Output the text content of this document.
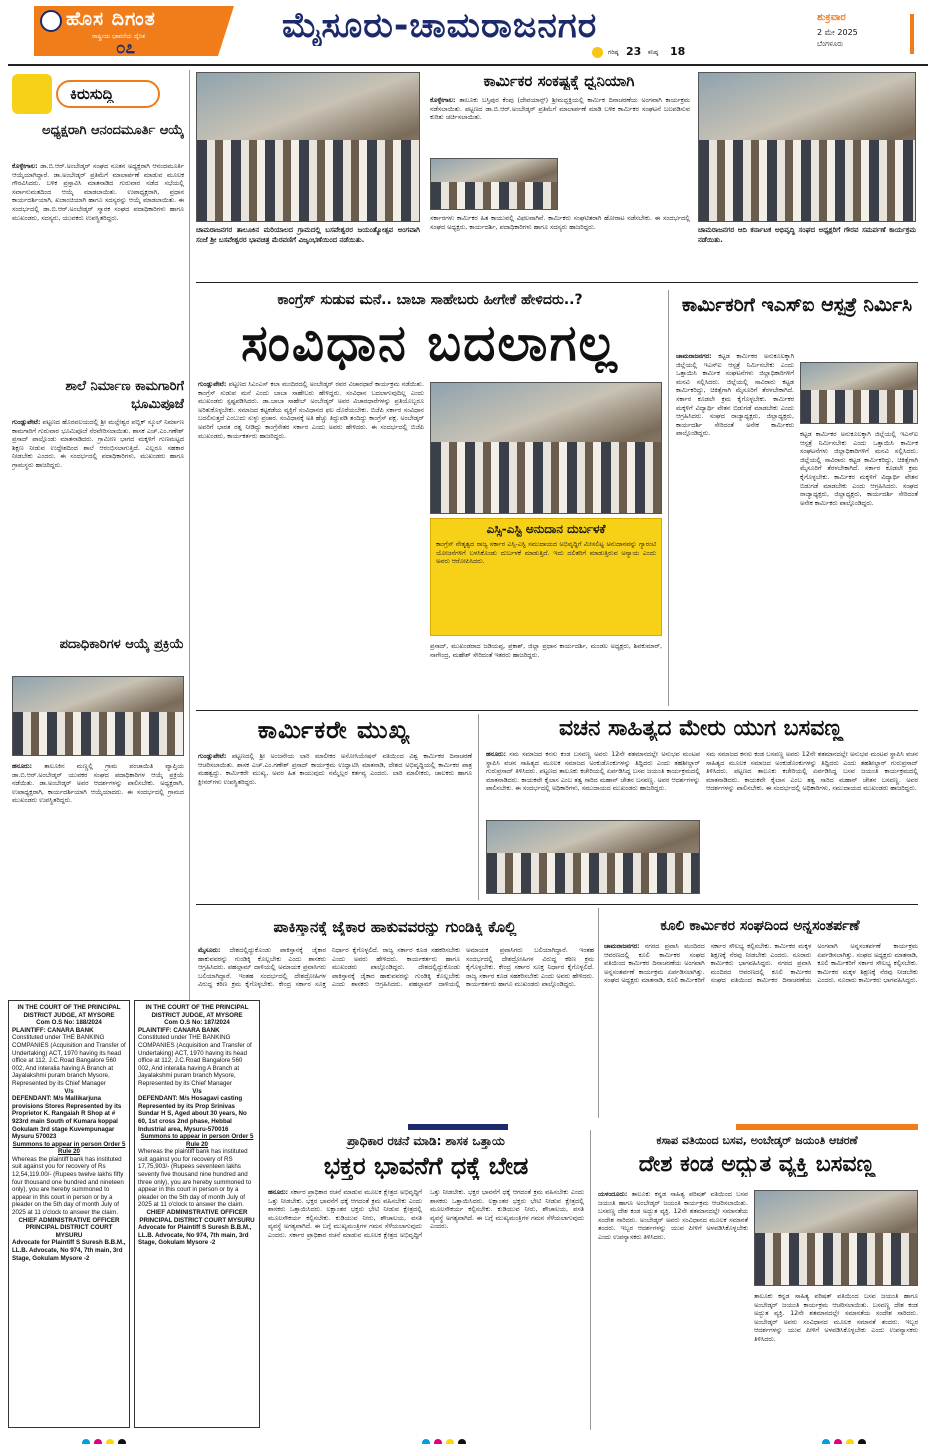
ಹೊಸ ದಿಗಂತ
ರಾಷ್ಟ್ರೀಯ ಭಾವನೆಯ ದೈನಿಕ
೦೭
ಮೈಸೂರು-ಚಾಮರಾಜನಗರ
ಗರಿಷ್ಠ 23 ಕನಿಷ್ಠ 18
ಶುಕ್ರವಾರ
2 ಮೇ 2025
ಬೆಂಗಳೂರು
ಕಿರುಸುದ್ದಿ
ಅಧ್ಯಕ್ಷರಾಗಿ ಆನಂದಮೂರ್ತಿ ಆಯ್ಕೆ
ಕೊಳ್ಳೇಗಾಲ: ಡಾ.ಬಿ.ಆರ್.ಅಂಬೇಡ್ಕರ್ ಸಂಘದ ನೂತನ ಅಧ್ಯಕ್ಷರಾಗಿ ಆನಂದಮೂರ್ತಿ ಆಯ್ಕೆಯಾಗಿದ್ದಾರೆ. ಡಾ.ಅಂಬೇಡ್ಕರ್ ಪ್ರತಿಮೆಗೆ ಮಾಲಾರ್ಪಣೆ ಮಾಡುವ ಮೂಲಕ ಗೌರವಿಸಿದರು. ಬಳಿಕ ಪ್ರಸ್ತಾವಿಸಿ ಮಾತನಾಡಿದ ಗುರುವಾರ ನಡೆದ ಸಭೆಯಲ್ಲಿ ಸರ್ವಾನುಮತದಿಂದ ಆಯ್ಕೆ ಮಾಡಲಾಯಿತು. ಉಪಾಧ್ಯಕ್ಷರಾಗಿ, ಪ್ರಧಾನ ಕಾರ್ಯದರ್ಶಿಯಾಗಿ, ಖಜಾಂಚಿಯಾಗಿ ಹಾಗೂ ಸದಸ್ಯರನ್ನು ಆಯ್ಕೆ ಮಾಡಲಾಯಿತು. ಈ ಸಂದರ್ಭದಲ್ಲಿ ಡಾ.ಬಿ.ಆರ್.ಅಂಬೇಡ್ಕರ್ ಸ್ಮಾರಕ ಸಂಘದ ಪದಾಧಿಕಾರಿಗಳು ಹಾಗೂ ಮುಖಂಡರು, ಸದಸ್ಯರು, ಯುವಕರು ಉಪಸ್ಥಿತರಿದ್ದರು.
ಶಾಲೆ ನಿರ್ಮಾಣ ಕಾಮಗಾರಿಗೆ ಭೂಮಿಪೂಜೆ
ಗುಂಡ್ಲುಪೇಟೆ: ಪಟ್ಟಣದ ಹೊರವಲಯದಲ್ಲಿ ಶ್ರೀ ಮಲ್ಲೇಶ್ವರ ಪಬ್ಲಿಕ್ ಸ್ಕೂಲ್ ನಿರ್ಮಾಣ ಕಾಮಗಾರಿಗೆ ಗುರುವಾರ ಭೂಮಿಪೂಜೆ ನೆರವೇರಿಸಲಾಯಿತು. ಶಾಸಕ ಎಚ್.ಎಂ.ಗಣೇಶ್ ಪ್ರಸಾದ್ ಪಾಲ್ಗೊಂಡು ಮಾತನಾಡಿದರು. ಗ್ರಾಮೀಣ ಭಾಗದ ಮಕ್ಕಳಿಗೆ ಗುಣಮಟ್ಟದ ಶಿಕ್ಷಣ ನೀಡುವ ಉದ್ದೇಶದಿಂದ ಶಾಲೆ ಆರಂಭಿಸಲಾಗುತ್ತಿದೆ. ಎಲ್ಲರೂ ಸಹಕಾರ ನೀಡಬೇಕು ಎಂದರು. ಈ ಸಂದರ್ಭದಲ್ಲಿ ಪದಾಧಿಕಾರಿಗಳು, ಮುಖಂಡರು ಹಾಗೂ ಗ್ರಾಮಸ್ಥರು ಹಾಜರಿದ್ದರು.
ಪದಾಧಿಕಾರಿಗಳ ಆಯ್ಕೆ ಪ್ರಕ್ರಿಯೆ
ಹನೂರು: ತಾಲೂಕಿನ ಮಣ್ಣಲ್ಲಿ ಗ್ರಾಮ ಪಂಚಾಯಿತಿ ವ್ಯಾಪ್ತಿಯ ಡಾ.ಬಿ.ಆರ್.ಅಂಬೇಡ್ಕರ್ ಯುವಕರ ಸಂಘದ ಪದಾಧಿಕಾರಿಗಳ ಆಯ್ಕೆ ಪ್ರಕ್ರಿಯೆ ನಡೆಯಿತು. ಡಾ.ಅಂಬೇಡ್ಕರ್ ಅವರ ಆದರ್ಶಗಳನ್ನು ಪಾಲಿಸಬೇಕು. ಅಧ್ಯಕ್ಷರಾಗಿ, ಉಪಾಧ್ಯಕ್ಷರಾಗಿ, ಕಾರ್ಯದರ್ಶಿಯಾಗಿ ಆಯ್ಕೆಯಾದರು. ಈ ಸಂದರ್ಭದಲ್ಲಿ ಗ್ರಾಮದ ಮುಖಂಡರು ಉಪಸ್ಥಿತರಿದ್ದರು.
ಚಾಮರಾಜನಗರ ತಾಲೂಕಿನ ಮರಿಯಾಲದ ಗ್ರಾಮದಲ್ಲಿ ಬಸವೇಶ್ವರರ ಜಯಂತ್ಯೋತ್ಸವ ಅಂಗವಾಗಿ ಸಂಜೆ ಶ್ರೀ ಬಸವೇಶ್ವರರ ಭಾವಚಿತ್ರ ಮೆರವಣಿಗೆ ವಿಜೃಂಭಣೆಯಿಂದ ನಡೆಯಿತು.
ಕಾರ್ಮಿಕರ ಸಂಕಷ್ಟಕ್ಕೆ ಧ್ವನಿಯಾಗಿ
ಕೊಳ್ಳೇಗಾಲ: ತಾಲೂಕು ಬಸ್ತಿಪುರ ಕೆಂಪು (ದೇವಯಾನ್ಸ್) ಶ್ರೀಮದ್ಭಕ್ತಿಯಲ್ಲಿ ಕಾರ್ಮಿಕ ದಿನಾಚರಣೆಯ ಅಂಗವಾಗಿ ಕಾರ್ಯಕ್ರಮ ನಡೆಸಲಾಯಿತು. ಪಟ್ಟಣದ ಡಾ.ಬಿ.ಆರ್.ಅಂಬೇಡ್ಕರ್ ಪ್ರತಿಮೆಗೆ ಮಾಲಾರ್ಪಣೆ ಮಾಡಿ ಬಳಿಕ ಕಾರ್ಮಿಕರ ಸಂಘಟನೆ ಬಲಪಡಿಸುವ ಕುರಿತು ಚರ್ಚಿಸಲಾಯಿತು.
ಸರ್ಕಾರಗಳು ಕಾರ್ಮಿಕರ ಹಿತ ಕಾಯುವಲ್ಲಿ ವಿಫಲವಾಗಿವೆ. ಕಾರ್ಮಿಕರು ಸಂಘಟಿತರಾಗಿ ಹೋರಾಟ ನಡೆಸಬೇಕು. ಈ ಸಂದರ್ಭದಲ್ಲಿ ಸಂಘದ ಅಧ್ಯಕ್ಷರು, ಕಾರ್ಯದರ್ಶಿ, ಪದಾಧಿಕಾರಿಗಳು ಹಾಗೂ ಸದಸ್ಯರು ಹಾಜರಿದ್ದರು.	ಚಾಮರಾಜನಗರ ಆದಿ ಕರ್ನಾಟಕ ಅಭಿವೃದ್ಧಿ ಸಂಘದ ಅಧ್ಯಕ್ಷರಿಗೆ ಗೌರವ ಸಮರ್ಪಣೆ ಕಾರ್ಯಕ್ರಮ ನಡೆಯಿತು.
ಕಾಂಗ್ರೆಸ್ ಸುಡುವ ಮನೆ.. ಬಾಬಾ ಸಾಹೇಬರು ಹೀಗೇಕೆ ಹೇಳಿದರು..?
ಸಂವಿಧಾನ ಬದಲಾಗಲ್ಲ
ಗುಂಡ್ಲುಪೇಟೆ: ಪಟ್ಟಣದ ಸಿಎಂಎಸ್ ಕಲಾ ಮಂದಿರದಲ್ಲಿ ಅಂಬೇಡ್ಕರ್ ರವರ ವಿಚಾರಧಾರೆ ಕಾರ್ಯಕ್ರಮ ನಡೆಯಿತು. ಕಾಂಗ್ರೆಸ್ ಸುಡುವ ಮನೆ ಎಂದು ಬಾಬಾ ಸಾಹೇಬರು ಹೇಳಿದ್ದರು. ಸಂವಿಧಾನ ಬದಲಾಗುವುದಿಲ್ಲ ಎಂದು ಮುಖಂಡರು ಸ್ಪಷ್ಟಪಡಿಸಿದರು. ಡಾ.ಬಾಬಾ ಸಾಹೇಬ್ ಅಂಬೇಡ್ಕರ್ ಅವರ ವಿಚಾರಧಾರೆಗಳನ್ನು ಪ್ರತಿಯೊಬ್ಬರೂ ಅರಿತುಕೊಳ್ಳಬೇಕು. ಸಮಾಜದ ಕಟ್ಟಕಡೆಯ ವ್ಯಕ್ತಿಗೆ ಸಂವಿಧಾನದ ಫಲ ದೊರೆಯಬೇಕು. ಬಿಜೆಪಿ ಸರ್ಕಾರ ಸಂವಿಧಾನ ಬದಲಿಸುತ್ತದೆ ಎಂಬುದು ಸುಳ್ಳು ಪ್ರಚಾರ. ಸಂವಿಧಾನಕ್ಕೆ ಅತಿ ಹೆಚ್ಚು ತಿದ್ದುಪಡಿ ತಂದಿದ್ದು ಕಾಂಗ್ರೆಸ್ ಪಕ್ಷ. ಅಂಬೇಡ್ಕರ್ ಅವರಿಗೆ ಭಾರತ ರತ್ನ ನೀಡಿದ್ದು ಕಾಂಗ್ರೆಸೇತರ ಸರ್ಕಾರ ಎಂದು ಅವರು ಹೇಳಿದರು. ಈ ಸಂದರ್ಭದಲ್ಲಿ ಬಿಜೆಪಿ ಮುಖಂಡರು, ಕಾರ್ಯಕರ್ತರು ಹಾಜರಿದ್ದರು.
ಎಸ್ಸಿ-ಎಸ್ಟಿ ಅನುದಾನ ದುರ್ಬಳಕೆ
ಕಾಂಗ್ರೆಸ್ ನೇತೃತ್ವದ ರಾಜ್ಯ ಸರ್ಕಾರ ಎಸ್ಸಿ-ಎಸ್ಟಿ ಸಮುದಾಯದ ಅಭಿವೃದ್ಧಿಗೆ ಮೀಸಲಿಟ್ಟ ಅನುದಾನವನ್ನು ಗ್ಯಾರಂಟಿ ಯೋಜನೆಗಳಿಗೆ ಬಳಸಿಕೊಂಡು ದುರ್ಬಳಕೆ ಮಾಡುತ್ತಿದೆ. ಇದು ದಲಿತರಿಗೆ ಮಾಡುತ್ತಿರುವ ಅನ್ಯಾಯ ಎಂದು ಅವರು ಆರೋಪಿಸಿದರು.
ಪ್ರಸಾದ್, ಮುಖಂಡರಾದ ಜಡಿಯಪ್ಪ, ಪ್ರಕಾಶ್, ಜಿಲ್ಲಾ ಪ್ರಧಾನ ಕಾರ್ಯದರ್ಶಿ, ಮಂಡಲ ಅಧ್ಯಕ್ಷರು, ಶಿವಕುಮಾರ್, ನಾಗೇಂದ್ರ, ಮಹೇಶ್ ಸೇರಿದಂತೆ ಇತರರು ಹಾಜರಿದ್ದರು.
ಕಾರ್ಮಿಕರಿಗೆ ಇಎಸ್ಐ ಆಸ್ಪತ್ರೆ ನಿರ್ಮಿಸಿ
ಚಾಮರಾಜನಗರ: ಕಟ್ಟಡ ಕಾರ್ಮಿಕರ ಅನುಕೂಲಕ್ಕಾಗಿ ಜಿಲ್ಲೆಯಲ್ಲಿ ಇಎಸ್ಐ ಆಸ್ಪತ್ರೆ ನಿರ್ಮಿಸಬೇಕು ಎಂದು ಒತ್ತಾಯಿಸಿ ಕಾರ್ಮಿಕ ಸಂಘಟನೆಗಳು ಜಿಲ್ಲಾಧಿಕಾರಿಗಳಿಗೆ ಮನವಿ ಸಲ್ಲಿಸಿದರು. ಜಿಲ್ಲೆಯಲ್ಲಿ ಸಾವಿರಾರು ಕಟ್ಟಡ ಕಾರ್ಮಿಕರಿದ್ದು, ಚಿಕಿತ್ಸೆಗಾಗಿ ಮೈಸೂರಿಗೆ ತೆರಳಬೇಕಾಗಿದೆ. ಸರ್ಕಾರ ಕೂಡಲೇ ಕ್ರಮ ಕೈಗೊಳ್ಳಬೇಕು. ಕಾರ್ಮಿಕರ ಮಕ್ಕಳಿಗೆ ವಿದ್ಯಾರ್ಥಿ ವೇತನ ಬಿಡುಗಡೆ ಮಾಡಬೇಕು ಎಂದು ಆಗ್ರಹಿಸಿದರು. ಸಂಘದ ರಾಜ್ಯಾಧ್ಯಕ್ಷರು, ಜಿಲ್ಲಾಧ್ಯಕ್ಷರು, ಕಾರ್ಯದರ್ಶಿ ಸೇರಿದಂತೆ ಅನೇಕ ಕಾರ್ಮಿಕರು ಪಾಲ್ಗೊಂಡಿದ್ದರು.	ಕಟ್ಟಡ ಕಾರ್ಮಿಕರ ಅನುಕೂಲಕ್ಕಾಗಿ ಜಿಲ್ಲೆಯಲ್ಲಿ ಇಎಸ್ಐ ಆಸ್ಪತ್ರೆ ನಿರ್ಮಿಸಬೇಕು ಎಂದು ಒತ್ತಾಯಿಸಿ ಕಾರ್ಮಿಕ ಸಂಘಟನೆಗಳು ಜಿಲ್ಲಾಧಿಕಾರಿಗಳಿಗೆ ಮನವಿ ಸಲ್ಲಿಸಿದರು. ಜಿಲ್ಲೆಯಲ್ಲಿ ಸಾವಿರಾರು ಕಟ್ಟಡ ಕಾರ್ಮಿಕರಿದ್ದು, ಚಿಕಿತ್ಸೆಗಾಗಿ ಮೈಸೂರಿಗೆ ತೆರಳಬೇಕಾಗಿದೆ. ಸರ್ಕಾರ ಕೂಡಲೇ ಕ್ರಮ ಕೈಗೊಳ್ಳಬೇಕು. ಕಾರ್ಮಿಕರ ಮಕ್ಕಳಿಗೆ ವಿದ್ಯಾರ್ಥಿ ವೇತನ ಬಿಡುಗಡೆ ಮಾಡಬೇಕು ಎಂದು ಆಗ್ರಹಿಸಿದರು. ಸಂಘದ ರಾಜ್ಯಾಧ್ಯಕ್ಷರು, ಜಿಲ್ಲಾಧ್ಯಕ್ಷರು, ಕಾರ್ಯದರ್ಶಿ ಸೇರಿದಂತೆ ಅನೇಕ ಕಾರ್ಮಿಕರು ಪಾಲ್ಗೊಂಡಿದ್ದರು.
ಕಾರ್ಮಿಕರೇ ಮುಖ್ಯ
ಗುಂಡ್ಲುಪೇಟೆ: ಪಟ್ಟಣದಲ್ಲಿ ಶ್ರೀ ಅಂಜನೇಯ ಲಾರಿ ಮಾಲೀಕರ ಅಸೋಸಿಯೇಷನ್ ವತಿಯಿಂದ ವಿಶ್ವ ಕಾರ್ಮಿಕರ ದಿನಾಚರಣೆ ಆಚರಿಸಲಾಯಿತು. ಶಾಸಕ ಎಚ್.ಎಂ.ಗಣೇಶ್ ಪ್ರಸಾದ್ ಕಾರ್ಯಕ್ರಮ ಉದ್ಘಾಟಿಸಿ ಮಾತನಾಡಿ, ದೇಶದ ಅಭಿವೃದ್ಧಿಯಲ್ಲಿ ಕಾರ್ಮಿಕರ ಪಾತ್ರ ಮಹತ್ವದ್ದು. ಕಾರ್ಮಿಕರೇ ಮುಖ್ಯ, ಅವರ ಹಿತ ಕಾಯುವುದು ನಮ್ಮೆಲ್ಲರ ಕರ್ತವ್ಯ ಎಂದರು. ಲಾರಿ ಮಾಲೀಕರು, ಚಾಲಕರು ಹಾಗೂ ಕ್ಲೀನರ್‌ಗಳು ಉಪಸ್ಥಿತರಿದ್ದರು.
ವಚನ ಸಾಹಿತ್ಯದ ಮೇರು ಯುಗ ಬಸವಣ್ಣ
ಹನೂರು: ಸಮ ಸಮಾಜದ ಕನಸು ಕಂಡ ಬಸವಣ್ಣ ಅವರು 12ನೇ ಶತಮಾನದಲ್ಲೇ ಅನುಭವ ಮಂಟಪ ಸ್ಥಾಪಿಸಿ ವಚನ ಸಾಹಿತ್ಯದ ಮೂಲಕ ಸಮಾಜದ ಅಂಕುಡೊಂಕುಗಳನ್ನು ತಿದ್ದಿದರು ಎಂದು ತಹಶೀಲ್ದಾರ್ ಗುರುಪ್ರಸಾದ್ ತಿಳಿಸಿದರು. ಪಟ್ಟಣದ ತಾಲೂಕು ಕಚೇರಿಯಲ್ಲಿ ಏರ್ಪಡಿಸಿದ್ದ ಬಸವ ಜಯಂತಿ ಕಾರ್ಯಕ್ರಮದಲ್ಲಿ ಮಾತನಾಡಿದರು. ಕಾಯಕವೇ ಕೈಲಾಸ ಎಂಬ ತತ್ವ ಸಾರಿದ ಮಹಾನ್ ಚೇತನ ಬಸವಣ್ಣ. ಅವರ ಆದರ್ಶಗಳನ್ನು ಪಾಲಿಸಬೇಕು. ಈ ಸಂದರ್ಭದಲ್ಲಿ ಅಧಿಕಾರಿಗಳು, ಸಮುದಾಯದ ಮುಖಂಡರು ಹಾಜರಿದ್ದರು.
ಸಮ ಸಮಾಜದ ಕನಸು ಕಂಡ ಬಸವಣ್ಣ ಅವರು 12ನೇ ಶತಮಾನದಲ್ಲೇ ಅನುಭವ ಮಂಟಪ ಸ್ಥಾಪಿಸಿ ವಚನ ಸಾಹಿತ್ಯದ ಮೂಲಕ ಸಮಾಜದ ಅಂಕುಡೊಂಕುಗಳನ್ನು ತಿದ್ದಿದರು ಎಂದು ತಹಶೀಲ್ದಾರ್ ಗುರುಪ್ರಸಾದ್ ತಿಳಿಸಿದರು. ಪಟ್ಟಣದ ತಾಲೂಕು ಕಚೇರಿಯಲ್ಲಿ ಏರ್ಪಡಿಸಿದ್ದ ಬಸವ ಜಯಂತಿ ಕಾರ್ಯಕ್ರಮದಲ್ಲಿ ಮಾತನಾಡಿದರು. ಕಾಯಕವೇ ಕೈಲಾಸ ಎಂಬ ತತ್ವ ಸಾರಿದ ಮಹಾನ್ ಚೇತನ ಬಸವಣ್ಣ. ಅವರ ಆದರ್ಶಗಳನ್ನು ಪಾಲಿಸಬೇಕು. ಈ ಸಂದರ್ಭದಲ್ಲಿ ಅಧಿಕಾರಿಗಳು, ಸಮುದಾಯದ ಮುಖಂಡರು ಹಾಜರಿದ್ದರು.
ಪಾಕಿಸ್ತಾನಕ್ಕೆ ಜೈಕಾರ ಹಾಕುವವರನ್ನು ಗುಂಡಿಕ್ಕಿ ಕೊಲ್ಲಿ
ಮೈಸೂರು: ದೇಶದಲ್ಲಿದ್ದುಕೊಂಡು ಪಾಕಿಸ್ತಾನಕ್ಕೆ ಜೈಕಾರ ಹಾಕುವವರನ್ನು ಗುಂಡಿಕ್ಕಿ ಕೊಲ್ಲಬೇಕು ಎಂದು ಶಾಸಕರು ಆಗ್ರಹಿಸಿದರು. ಪಹಲ್ಗಾಮ್ ದಾಳಿಯಲ್ಲಿ ಅಮಾಯಕ ಪ್ರವಾಸಿಗರು ಬಲಿಯಾಗಿದ್ದಾರೆ. ಇಂತಹ ಸಂದರ್ಭದಲ್ಲಿ ದೇಶದ್ರೋಹಿಗಳ ವಿರುದ್ಧ ಕಠಿಣ ಕ್ರಮ ಕೈಗೊಳ್ಳಬೇಕು. ಕೇಂದ್ರ ಸರ್ಕಾರ ಸೂಕ್ತ ನಿರ್ಧಾರ ಕೈಗೊಳ್ಳಲಿದೆ. ರಾಜ್ಯ ಸರ್ಕಾರ ಕೂಡ ಸಹಕರಿಸಬೇಕು ಎಂದು ಅವರು ಹೇಳಿದರು. ಕಾರ್ಯಕರ್ತರು ಹಾಗೂ ಮುಖಂಡರು ಪಾಲ್ಗೊಂಡಿದ್ದರು. ದೇಶದಲ್ಲಿದ್ದುಕೊಂಡು ಪಾಕಿಸ್ತಾನಕ್ಕೆ ಜೈಕಾರ ಹಾಕುವವರನ್ನು ಗುಂಡಿಕ್ಕಿ ಕೊಲ್ಲಬೇಕು ಎಂದು ಶಾಸಕರು ಆಗ್ರಹಿಸಿದರು. ಪಹಲ್ಗಾಮ್ ದಾಳಿಯಲ್ಲಿ ಅಮಾಯಕ ಪ್ರವಾಸಿಗರು ಬಲಿಯಾಗಿದ್ದಾರೆ. ಇಂತಹ ಸಂದರ್ಭದಲ್ಲಿ ದೇಶದ್ರೋಹಿಗಳ ವಿರುದ್ಧ ಕಠಿಣ ಕ್ರಮ ಕೈಗೊಳ್ಳಬೇಕು. ಕೇಂದ್ರ ಸರ್ಕಾರ ಸೂಕ್ತ ನಿರ್ಧಾರ ಕೈಗೊಳ್ಳಲಿದೆ. ರಾಜ್ಯ ಸರ್ಕಾರ ಕೂಡ ಸಹಕರಿಸಬೇಕು ಎಂದು ಅವರು ಹೇಳಿದರು. ಕಾರ್ಯಕರ್ತರು ಹಾಗೂ ಮುಖಂಡರು ಪಾಲ್ಗೊಂಡಿದ್ದರು.
ಕೂಲಿ ಕಾರ್ಮಿಕರ ಸಂಘದಿಂದ ಅನ್ನಸಂತರ್ಪಣೆ
ಚಾಮರಾಜನಗರ: ನಗರದ ಪ್ರವಾಸಿ ಮಂದಿರದ ಆವರಣದಲ್ಲಿ ಕೂಲಿ ಕಾರ್ಮಿಕರ ಸಂಘದ ವತಿಯಿಂದ ಕಾರ್ಮಿಕರ ದಿನಾಚರಣೆಯ ಅಂಗವಾಗಿ ಅನ್ನಸಂತರ್ಪಣೆ ಕಾರ್ಯಕ್ರಮ ಏರ್ಪಡಿಸಲಾಗಿತ್ತು. ಸಂಘದ ಅಧ್ಯಕ್ಷರು ಮಾತನಾಡಿ, ಕೂಲಿ ಕಾರ್ಮಿಕರಿಗೆ ಸರ್ಕಾರ ಸೌಲಭ್ಯ ಕಲ್ಪಿಸಬೇಕು. ಕಾರ್ಮಿಕರ ಮಕ್ಕಳ ಶಿಕ್ಷಣಕ್ಕೆ ನೆರವು ನೀಡಬೇಕು ಎಂದರು. ನೂರಾರು ಕಾರ್ಮಿಕರು ಭಾಗವಹಿಸಿದ್ದರು. ನಗರದ ಪ್ರವಾಸಿ ಮಂದಿರದ ಆವರಣದಲ್ಲಿ ಕೂಲಿ ಕಾರ್ಮಿಕರ ಸಂಘದ ವತಿಯಿಂದ ಕಾರ್ಮಿಕರ ದಿನಾಚರಣೆಯ ಅಂಗವಾಗಿ ಅನ್ನಸಂತರ್ಪಣೆ ಕಾರ್ಯಕ್ರಮ ಏರ್ಪಡಿಸಲಾಗಿತ್ತು. ಸಂಘದ ಅಧ್ಯಕ್ಷರು ಮಾತನಾಡಿ, ಕೂಲಿ ಕಾರ್ಮಿಕರಿಗೆ ಸರ್ಕಾರ ಸೌಲಭ್ಯ ಕಲ್ಪಿಸಬೇಕು. ಕಾರ್ಮಿಕರ ಮಕ್ಕಳ ಶಿಕ್ಷಣಕ್ಕೆ ನೆರವು ನೀಡಬೇಕು ಎಂದರು. ನೂರಾರು ಕಾರ್ಮಿಕರು ಭಾಗವಹಿಸಿದ್ದರು.
ಪ್ರಾಧಿಕಾರ ರಚನೆ ಮಾಡಿ: ಶಾಸಕ ಒತ್ತಾಯ
ಭಕ್ತರ ಭಾವನೆಗೆ ಧಕ್ಕೆ ಬೇಡ
ಹನೂರು: ಸರ್ಕಾರ ಪ್ರಾಧಿಕಾರ ರಚನೆ ಮಾಡುವ ಮೂಲಕ ಕ್ಷೇತ್ರದ ಅಭಿವೃದ್ಧಿಗೆ ಒತ್ತು ನೀಡಬೇಕು. ಭಕ್ತರ ಭಾವನೆಗೆ ಧಕ್ಕೆ ಆಗದಂತೆ ಕ್ರಮ ವಹಿಸಬೇಕು ಎಂದು ಶಾಸಕರು ಒತ್ತಾಯಿಸಿದರು. ಲಕ್ಷಾಂತರ ಭಕ್ತರು ಭೇಟಿ ನೀಡುವ ಕ್ಷೇತ್ರದಲ್ಲಿ ಮೂಲಸೌಕರ್ಯ ಕಲ್ಪಿಸಬೇಕು. ಕುಡಿಯುವ ನೀರು, ಶೌಚಾಲಯ, ವಸತಿ ವ್ಯವಸ್ಥೆ ಅಗತ್ಯವಾಗಿದೆ. ಈ ಬಗ್ಗೆ ಮುಖ್ಯಮಂತ್ರಿಗಳ ಗಮನ ಸೆಳೆಯಲಾಗುವುದು ಎಂದರು. ಸರ್ಕಾರ ಪ್ರಾಧಿಕಾರ ರಚನೆ ಮಾಡುವ ಮೂಲಕ ಕ್ಷೇತ್ರದ ಅಭಿವೃದ್ಧಿಗೆ ಒತ್ತು ನೀಡಬೇಕು. ಭಕ್ತರ ಭಾವನೆಗೆ ಧಕ್ಕೆ ಆಗದಂತೆ ಕ್ರಮ ವಹಿಸಬೇಕು ಎಂದು ಶಾಸಕರು ಒತ್ತಾಯಿಸಿದರು. ಲಕ್ಷಾಂತರ ಭಕ್ತರು ಭೇಟಿ ನೀಡುವ ಕ್ಷೇತ್ರದಲ್ಲಿ ಮೂಲಸೌಕರ್ಯ ಕಲ್ಪಿಸಬೇಕು. ಕುಡಿಯುವ ನೀರು, ಶೌಚಾಲಯ, ವಸತಿ ವ್ಯವಸ್ಥೆ ಅಗತ್ಯವಾಗಿದೆ. ಈ ಬಗ್ಗೆ ಮುಖ್ಯಮಂತ್ರಿಗಳ ಗಮನ ಸೆಳೆಯಲಾಗುವುದು ಎಂದರು.
ಕಸಾಪ ವತಿಯಿಂದ ಬಸವ, ಅಂಬೇಡ್ಕರ್ ಜಯಂತಿ ಆಚರಣೆ
ದೇಶ ಕಂಡ ಅದ್ಭುತ ವ್ಯಕ್ತಿ ಬಸವಣ್ಣ
ಯಳಂದೂರು: ತಾಲೂಕು ಕನ್ನಡ ಸಾಹಿತ್ಯ ಪರಿಷತ್ ವತಿಯಿಂದ ಬಸವ ಜಯಂತಿ ಹಾಗೂ ಅಂಬೇಡ್ಕರ್ ಜಯಂತಿ ಕಾರ್ಯಕ್ರಮ ಆಚರಿಸಲಾಯಿತು. ಬಸವಣ್ಣ ದೇಶ ಕಂಡ ಅದ್ಭುತ ವ್ಯಕ್ತಿ. 12ನೇ ಶತಮಾನದಲ್ಲೇ ಸಮಾನತೆಯ ಸಂದೇಶ ಸಾರಿದರು. ಅಂಬೇಡ್ಕರ್ ಅವರು ಸಂವಿಧಾನದ ಮೂಲಕ ಸಮಾನತೆ ತಂದರು. ಇಬ್ಬರ ಆದರ್ಶಗಳನ್ನು ಯುವ ಪೀಳಿಗೆ ಅಳವಡಿಸಿಕೊಳ್ಳಬೇಕು ಎಂದು ಉಪನ್ಯಾಸಕರು ತಿಳಿಸಿದರು.
ತಾಲೂಕು ಕನ್ನಡ ಸಾಹಿತ್ಯ ಪರಿಷತ್ ವತಿಯಿಂದ ಬಸವ ಜಯಂತಿ ಹಾಗೂ ಅಂಬೇಡ್ಕರ್ ಜಯಂತಿ ಕಾರ್ಯಕ್ರಮ ಆಚರಿಸಲಾಯಿತು. ಬಸವಣ್ಣ ದೇಶ ಕಂಡ ಅದ್ಭುತ ವ್ಯಕ್ತಿ. 12ನೇ ಶತಮಾನದಲ್ಲೇ ಸಮಾನತೆಯ ಸಂದೇಶ ಸಾರಿದರು. ಅಂಬೇಡ್ಕರ್ ಅವರು ಸಂವಿಧಾನದ ಮೂಲಕ ಸಮಾನತೆ ತಂದರು. ಇಬ್ಬರ ಆದರ್ಶಗಳನ್ನು ಯುವ ಪೀಳಿಗೆ ಅಳವಡಿಸಿಕೊಳ್ಳಬೇಕು ಎಂದು ಉಪನ್ಯಾಸಕರು ತಿಳಿಸಿದರು.
IN THE COURT OF THE PRINCIPAL DISTRICT JUDGE, AT MYSORE
Com O.S No: 188/2024
PLAINTIFF: CANARA BANK
Constituted under THE BANKING COMPANIES (Acquisition and Transfer of Undertaking) ACT, 1970 having its head office at 112, J.C.Road Bangalore 560 002, And interalia having A Branch at Jayalakshmi puram branch Mysore, Represented by its Chief Manager
V/s
DEFENDANT: M/s Mallikarjuna provisions Stores Represented by its Proprietor K. Rangaiah R Shop at # 923rd main South of Kumara koppal Gokulam 3rd stage Kuvempunagar Mysuru 570023
Summons to appear in person Order 5 Rule 20
Whereas the plaintiff bank has instituted suit against you for recovery of Rs 12,54,119.00/- (Rupees twelve lakhs fifty four thousand one hundred and nineteen only), you are hereby summoned to appear in this court in person or by a pleader on the 5th day of month July of 2025 at 11 o'clock to answer the claim.
CHIEF ADMINISTRATIVE OFFICER PRINCIPAL DISTRICT COURT MYSURU
Advocate for Plaintiff S Suresh B.B.M., LL.B. Advocate, No 974, 7th main, 3rd Stage, Gokulam Mysore -2
IN THE COURT OF THE PRINCIPAL DISTRICT JUDGE, AT MYSORE
Com O.S No: 187/2024
PLAINTIFF: CANARA BANK
Constituted under THE BANKING COMPANIES (Acquisition and Transfer of Undertaking) ACT, 1970 having its head office at 112, J.C.Road Bangalore 560 002, And interalia having A Branch at Jayalakshmi puram branch Mysore, Represented by its Chief Manager
V/s
DEFENDANT: M/s Hosagavi casting Represented by its Prop Srinivas Sundar H S, Aged about 30 years, No 60, 1st cross 2nd phase, Hebbal Industrial area, Mysuru-570016
Summons to appear in person Order 5 Rule 20
Whereas the plaintiff bank has instituted suit against you for recovery of RS 17,75,903/- (Rupees seventeen lakhs seventy five thousand nine hundred and three only), you are hereby summoned to appear in this court in person or by a pleader on the 5th day of month July of 2025 at 11 o'clock to answer the claim.
CHIEF ADMINISTRATIVE OFFICER PRINCIPAL DISTRICT COURT MYSURU
Advocate for Plaintiff S Suresh B.B.M., LL.B. Advocate, No 974, 7th main, 3rd Stage, Gokulam Mysore -2
